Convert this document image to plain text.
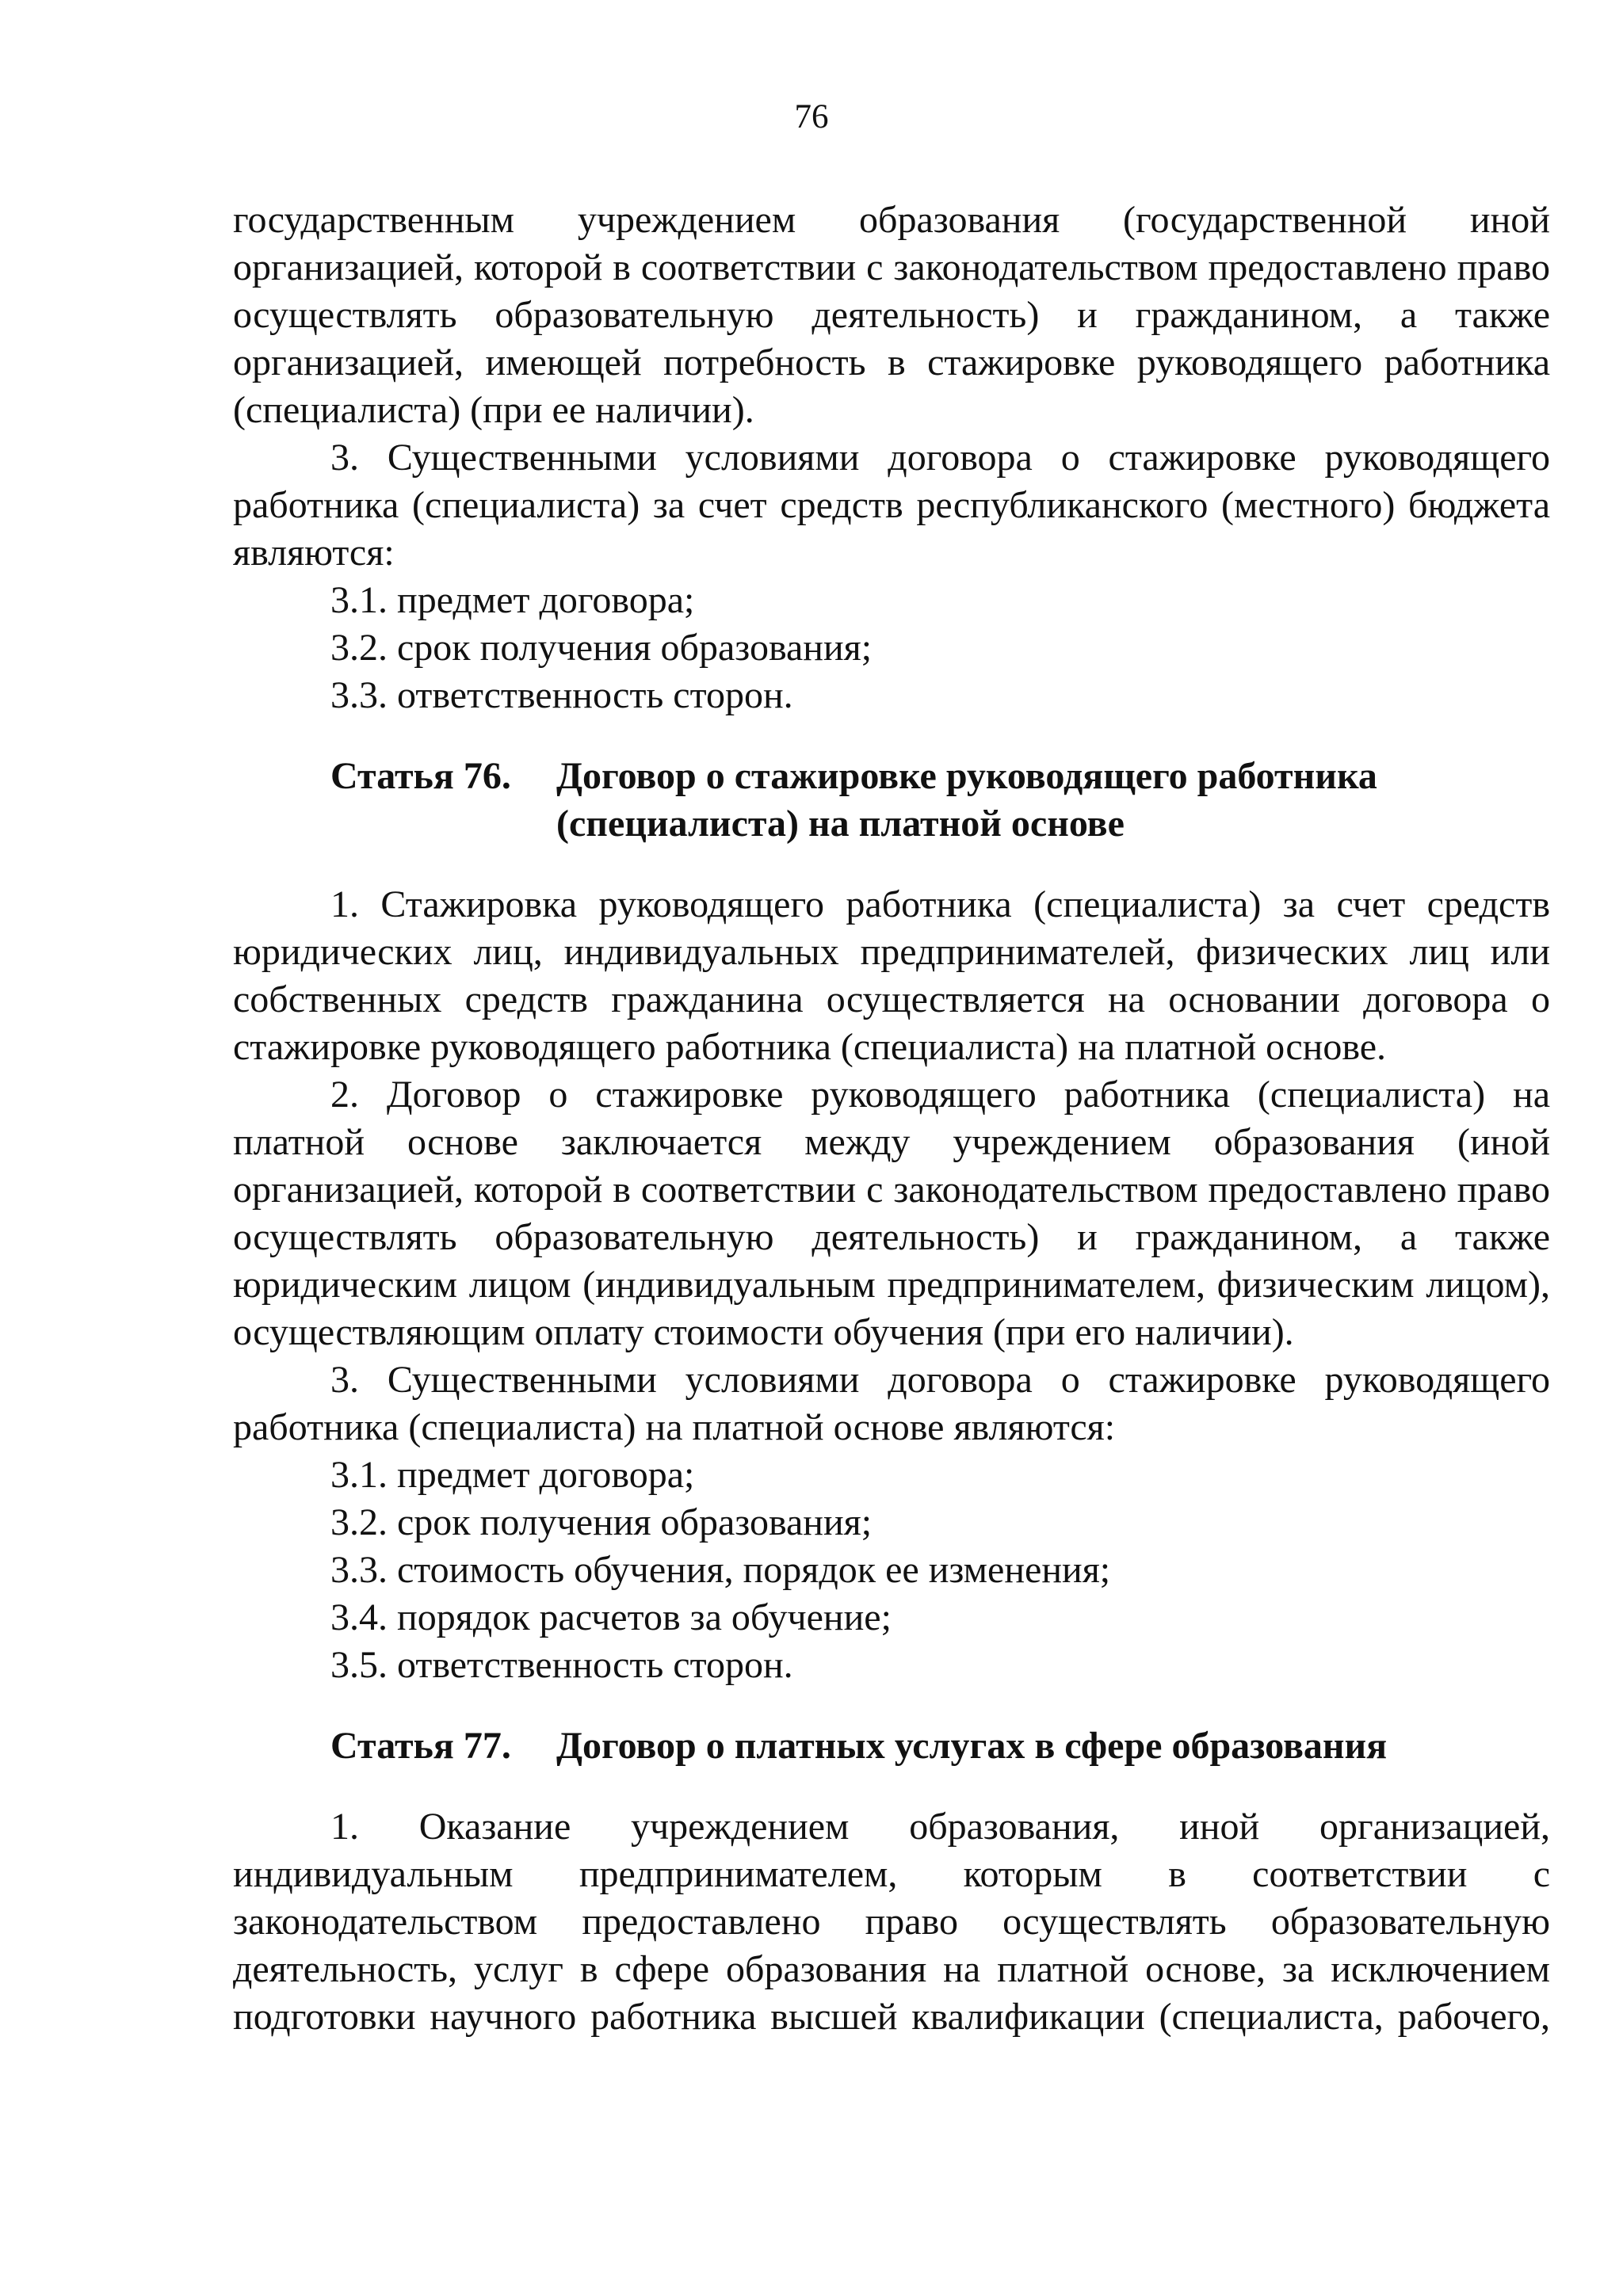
76

государственным учреждением образования (государственной иной организацией, которой в соответствии с законодательством предоставлено право осуществлять образовательную деятельность) и гражданином, а также организацией, имеющей потребность в стажировке руководящего работника (специалиста) (при ее наличии).

3. Существенными условиями договора о стажировке руководящего работника (специалиста) за счет средств республиканского (местного) бюджета являются:

3.1. предмет договора;

3.2. срок получения образования;

3.3. ответственность сторон.

Статья 76.	Договор о стажировке руководящего работника
(специалиста) на платной основе

1. Стажировка руководящего работника (специалиста) за счет средств юридических лиц, индивидуальных предпринимателей, физических лиц или собственных средств гражданина осуществляется на основании договора о стажировке руководящего работника (специалиста) на платной основе.

2. Договор о стажировке руководящего работника (специалиста) на платной основе заключается между учреждением образования (иной организацией, которой в соответствии с законодательством предоставлено право осуществлять образовательную деятельность) и гражданином, а также юридическим лицом (индивидуальным предпринимателем, физическим лицом), осуществляющим оплату стоимости обучения (при его наличии).

3. Существенными условиями договора о стажировке руководящего работника (специалиста) на платной основе являются:

3.1. предмет договора;

3.2. срок получения образования;

3.3. стоимость обучения, порядок ее изменения;

3.4. порядок расчетов за обучение;

3.5. ответственность сторон.

Статья 77.	Договор о платных услугах в сфере образования

1. Оказание учреждением образования, иной организацией, индивидуальным предпринимателем, которым в соответствии с законодательством предоставлено право осуществлять образовательную деятельность, услуг в сфере образования на платной основе, за исключением подготовки научного работника высшей квалификации (специалиста, рабочего,
